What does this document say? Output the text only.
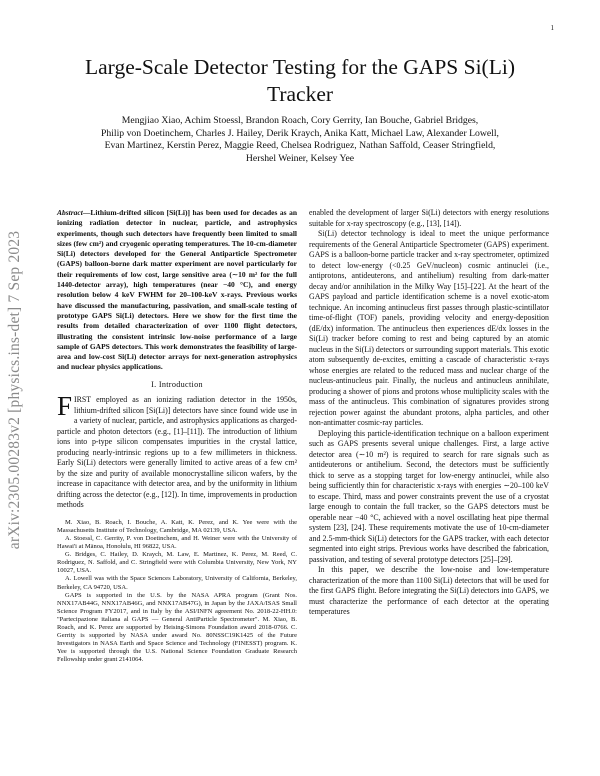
1
arXiv:2305.00283v2 [physics.ins-det] 7 Sep 2023
Large-Scale Detector Testing for the GAPS Si(Li)
Tracker
Mengjiao Xiao, Achim Stoessl, Brandon Roach, Cory Gerrity, Ian Bouche, Gabriel Bridges,
Philip von Doetinchem, Charles J. Hailey, Derik Kraych, Anika Katt, Michael Law, Alexander Lowell,
Evan Martinez, Kerstin Perez, Maggie Reed, Chelsea Rodriguez, Nathan Saffold, Ceaser Stringfield,
Hershel Weiner, Kelsey Yee

Abstract—Lithium-drifted silicon [Si(Li)] has been used for decades as an ionizing radiation detector in nuclear, particle, and astrophysics experiments, though such detectors have frequently been limited to small sizes (few cm²) and cryogenic operating temperatures. The 10-cm-diameter Si(Li) detectors developed for the General Antiparticle Spectrometer (GAPS) balloon-borne dark matter experiment are novel particularly for their requirements of low cost, large sensitive area (∼10 m² for the full 1440-detector array), high temperatures (near −40 °C), and energy resolution below 4 keV FWHM for 20–100-keV x-rays. Previous works have discussed the manufacturing, passivation, and small-scale testing of prototype GAPS Si(Li) detectors. Here we show for the first time the results from detailed characterization of over 1100 flight detectors, illustrating the consistent intrinsic low-noise performance of a large sample of GAPS detectors. This work demonstrates the feasibility of large-area and low-cost Si(Li) detector arrays for next-generation astrophysics and nuclear physics applications.

I. Introduction

FIRST employed as an ionizing radiation detector in the 1950s, lithium-drifted silicon [Si(Li)] detectors have since found wide use in a variety of nuclear, particle, and astrophysics applications as charged-particle and photon detectors (e.g., [1]–[11]). The introduction of lithium ions into p-type silicon compensates impurities in the crystal lattice, producing nearly-intrinsic regions up to a few millimeters in thickness. Early Si(Li) detectors were generally limited to active areas of a few cm² by the size and purity of available monocrystalline silicon wafers, by the increase in capacitance with detector area, and by the uniformity in lithium drifting across the detector (e.g., [12]). In time, improvements in production methods

M. Xiao, B. Roach, I. Bouche, A. Katt, K. Perez, and K. Yee were with the Massachusetts Institute of Technology, Cambridge, MA 02139, USA.

A. Stoessl, C. Gerrity, P. von Doetinchem, and H. Weiner were with the University of Hawai'i at Mānoa, Honolulu, HI 96822, USA.

G. Bridges, C. Hailey, D. Kraych, M. Law, E. Martinez, K. Perez, M. Reed, C. Rodriguez, N. Saffold, and C. Stringfield were with Columbia University, New York, NY 10027, USA.

A. Lowell was with the Space Sciences Laboratory, University of California, Berkeley, Berkeley, CA 94720, USA.

GAPS is supported in the U.S. by the NASA APRA program (Grant Nos. NNX17AB44G, NNX17AB46G, and NNX17AB47G), in Japan by the JAXA/ISAS Small Science Program FY2017, and in Italy by the ASI/INFN agreement No. 2018-22-HH.0: "Partecipazione italiana al GAPS — General AntiParticle Spectrometer". M. Xiao, B. Roach, and K. Perez are supported by Heising-Simons Foundation award 2018-0766. C. Gerrity is supported by NASA under award No. 80NSSC19K1425 of the Future Investigators in NASA Earth and Space Science and Technology (FINESST) program. K. Yee is supported through the U.S. National Science Foundation Graduate Research Fellowship under grant 2141064.

enabled the development of larger Si(Li) detectors with energy resolutions suitable for x-ray spectroscopy (e.g., [13], [14]).

Si(Li) detector technology is ideal to meet the unique performance requirements of the General Antiparticle Spectrometer (GAPS) experiment. GAPS is a balloon-borne particle tracker and x-ray spectrometer, optimized to detect low-energy (<0.25 GeV/nucleon) cosmic antinuclei (i.e., antiprotons, antideuterons, and antihelium) resulting from dark-matter decay and/or annihilation in the Milky Way [15]–[22]. At the heart of the GAPS payload and particle identification scheme is a novel exotic-atom technique. An incoming antinucleus first passes through plastic-scintillator time-of-flight (TOF) panels, providing velocity and energy-deposition (dE/dx) information. The antinucleus then experiences dE/dx losses in the Si(Li) tracker before coming to rest and being captured by an atomic nucleus in the Si(Li) detectors or surrounding support materials. This exotic atom subsequently de-excites, emitting a cascade of characteristic x-rays whose energies are related to the reduced mass and nuclear charge of the nucleus-antinucleus pair. Finally, the nucleus and antinucleus annihilate, producing a shower of pions and protons whose multiplicity scales with the mass of the antinucleus. This combination of signatures provides strong rejection power against the abundant protons, alpha particles, and other non-antimatter cosmic-ray particles.

Deploying this particle-identification technique on a balloon experiment such as GAPS presents several unique challenges. First, a large active detector area (∼10 m²) is required to search for rare signals such as antideuterons or antihelium. Second, the detectors must be sufficiently thick to serve as a stopping target for low-energy antinuclei, while also being sufficiently thin for characteristic x-rays with energies ∼20–100 keV to escape. Third, mass and power constraints prevent the use of a cryostat large enough to contain the full tracker, so the GAPS detectors must be operable near −40 °C, achieved with a novel oscillating heat pipe thermal system [23], [24]. These requirements motivate the use of 10-cm-diameter and 2.5-mm-thick Si(Li) detectors for the GAPS tracker, with each detector segmented into eight strips. Previous works have described the fabrication, passivation, and testing of several prototype detectors [25]–[29].

In this paper, we describe the low-noise and low-temperature characterization of the more than 1100 Si(Li) detectors that will be used for the first GAPS flight. Before integrating the Si(Li) detectors into GAPS, we must characterize the performance of each detector at the operating temperatures
